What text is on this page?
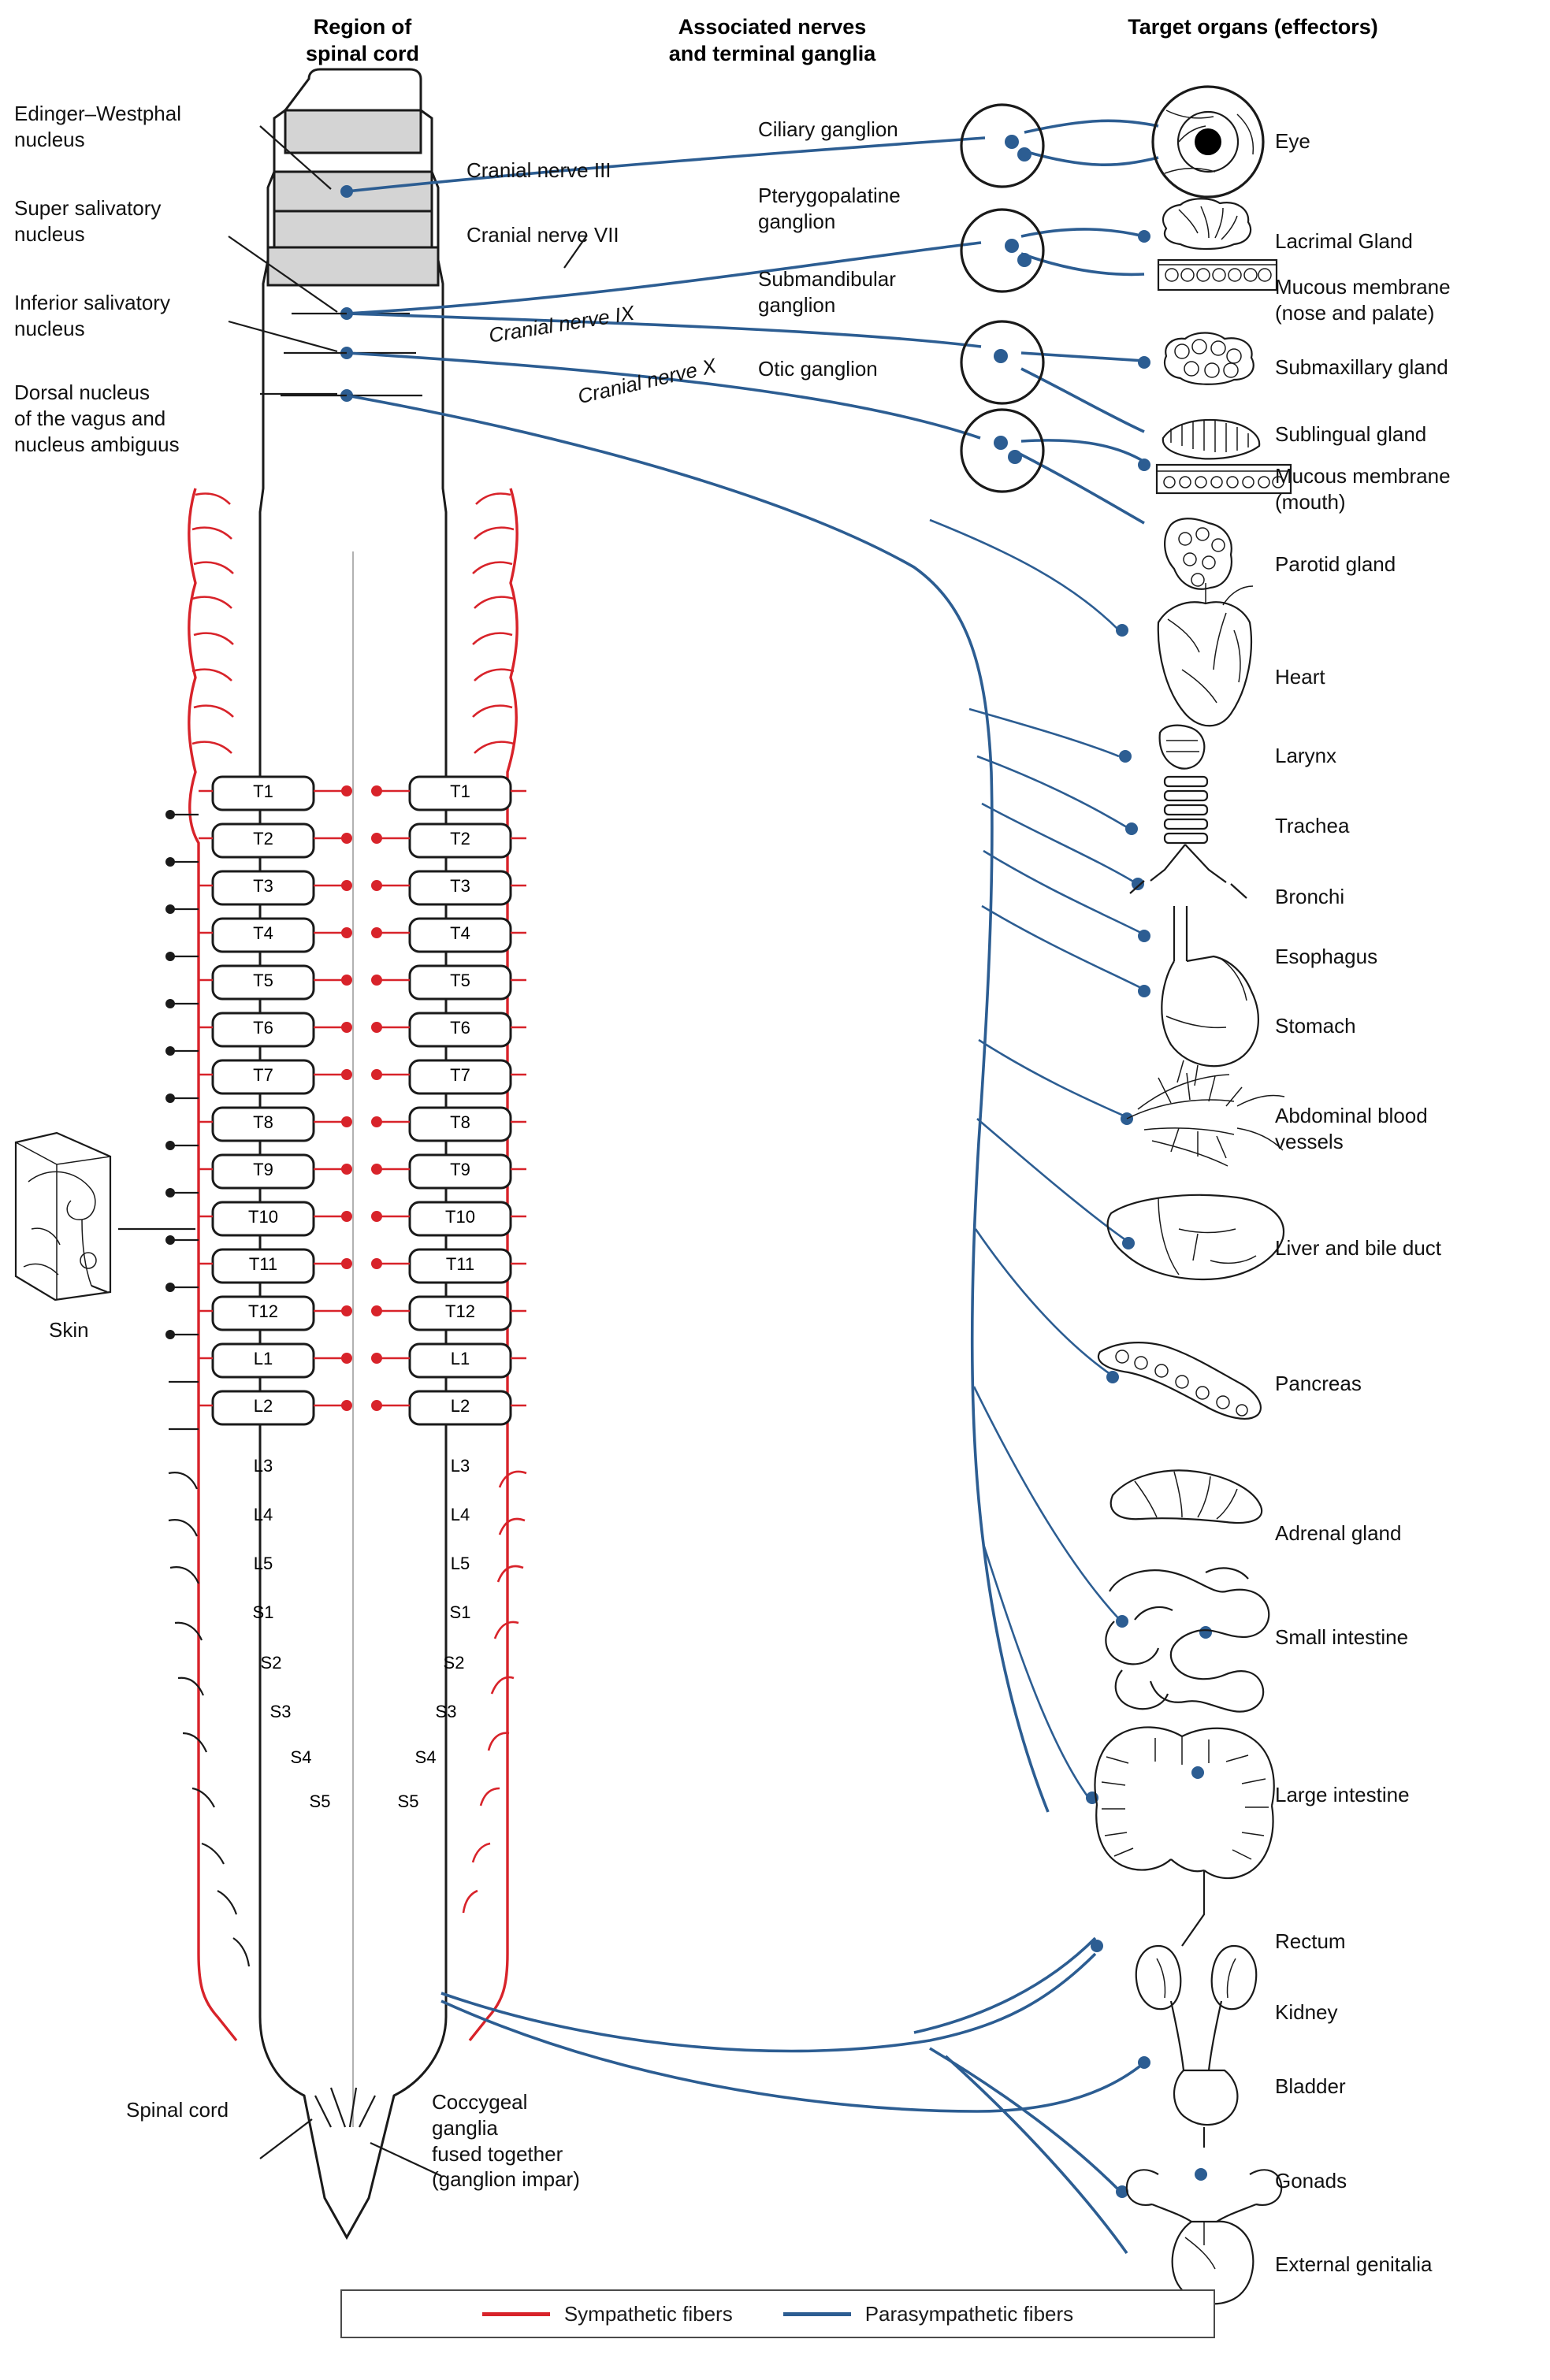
Region of
spinal cord
Associated nerves
and terminal ganglia
Target organs (effectors)
Edinger–Westphal
nucleus
Super salivatory
nucleus
Inferior salivatory
nucleus
Dorsal nucleus
of the vagus and
nucleus ambiguus
Cranial nerve III
Cranial nerve VII
Cranial nerve IX
Cranial nerve X
Ciliary ganglion
Pterygopalatine
ganglion
Submandibular
ganglion
Otic ganglion
Eye
Lacrimal Gland
Mucous membrane
(nose and palate)
Submaxillary gland
Sublingual gland
Mucous membrane
(mouth)
Parotid gland
Heart
Larynx
Trachea
Bronchi
Esophagus
Stomach
Abdominal blood
vessels
Liver and bile duct
Pancreas
Adrenal gland
Small intestine
Large intestine
Rectum
Kidney
Bladder
Gonads
External genitalia
T1
T2
T3
T4
T5
T6
T7
T8
T9
T10
T11
T12
L1
L2
L3
L4
L5
S1
S2
S3
S4
S5
T1
T2
T3
T4
T5
T6
T7
T8
T9
T10
T11
T12
L1
L2
L3
L4
L5
S1
S2
S3
S4
S5
Skin
Spinal cord	Coccygeal
ganglia
fused together
(ganglion impar)
Sympathetic fibers	Parasympathetic fibers
